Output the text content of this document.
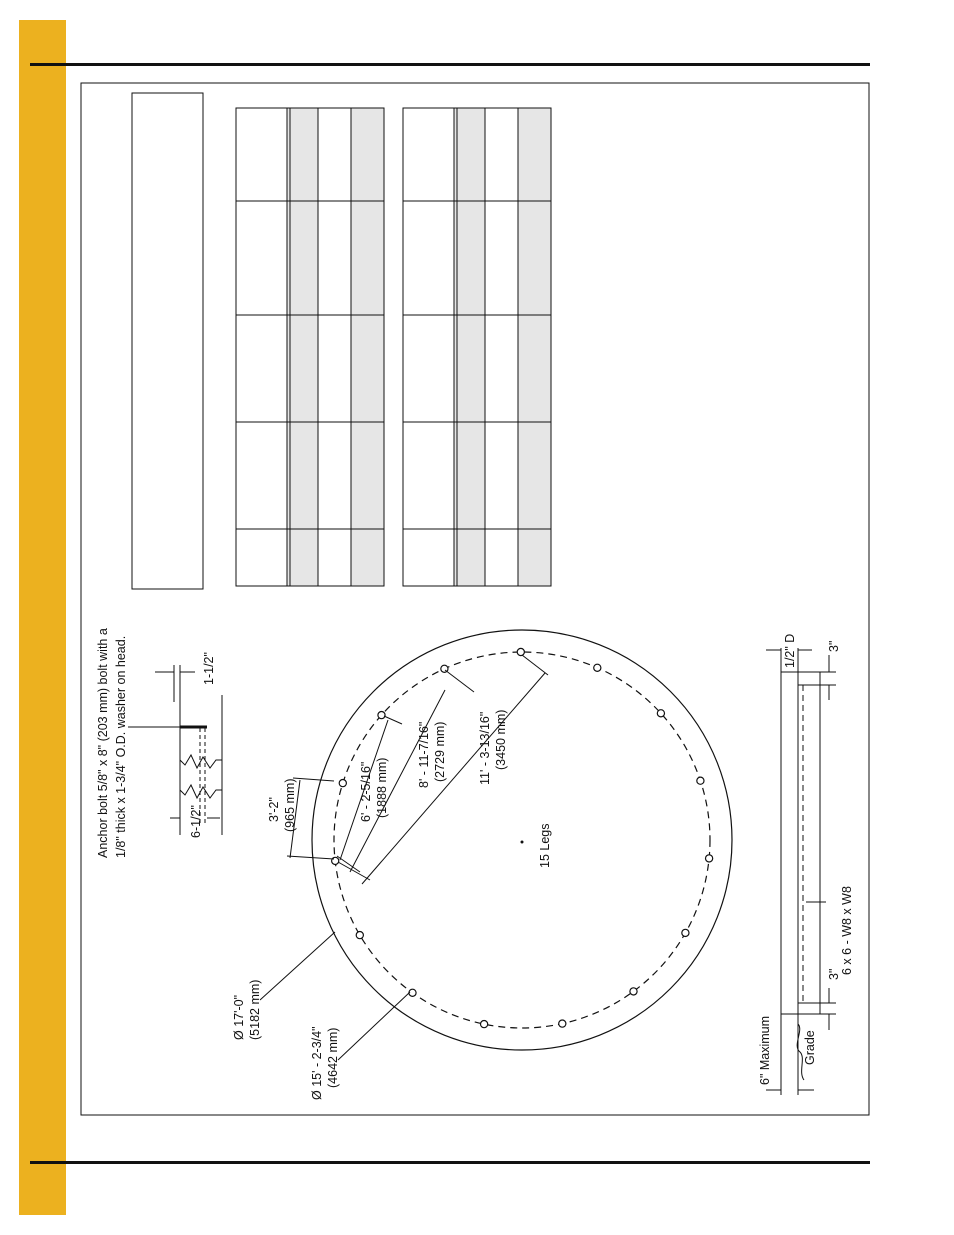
Anchor bolt 5/8" x 8" (203 mm) bolt with a 1/8" thick x 1-3/4" O.D. washer on head.	1-1/2"
6-1/2"
Ø 17'-0" (5182 mm)
Ø 15' - 2-3/4" (4642 mm)
3'-2" (965 mm)	6' - 2-5/16" (1888 mm) 8' - 11-7/16" (2729 mm) 11' - 3-13/16" (3450 mm)
15 Legs
1/2" D 3"
3" 6 x 6 - W8 x W8
Grade
6" Maximum
